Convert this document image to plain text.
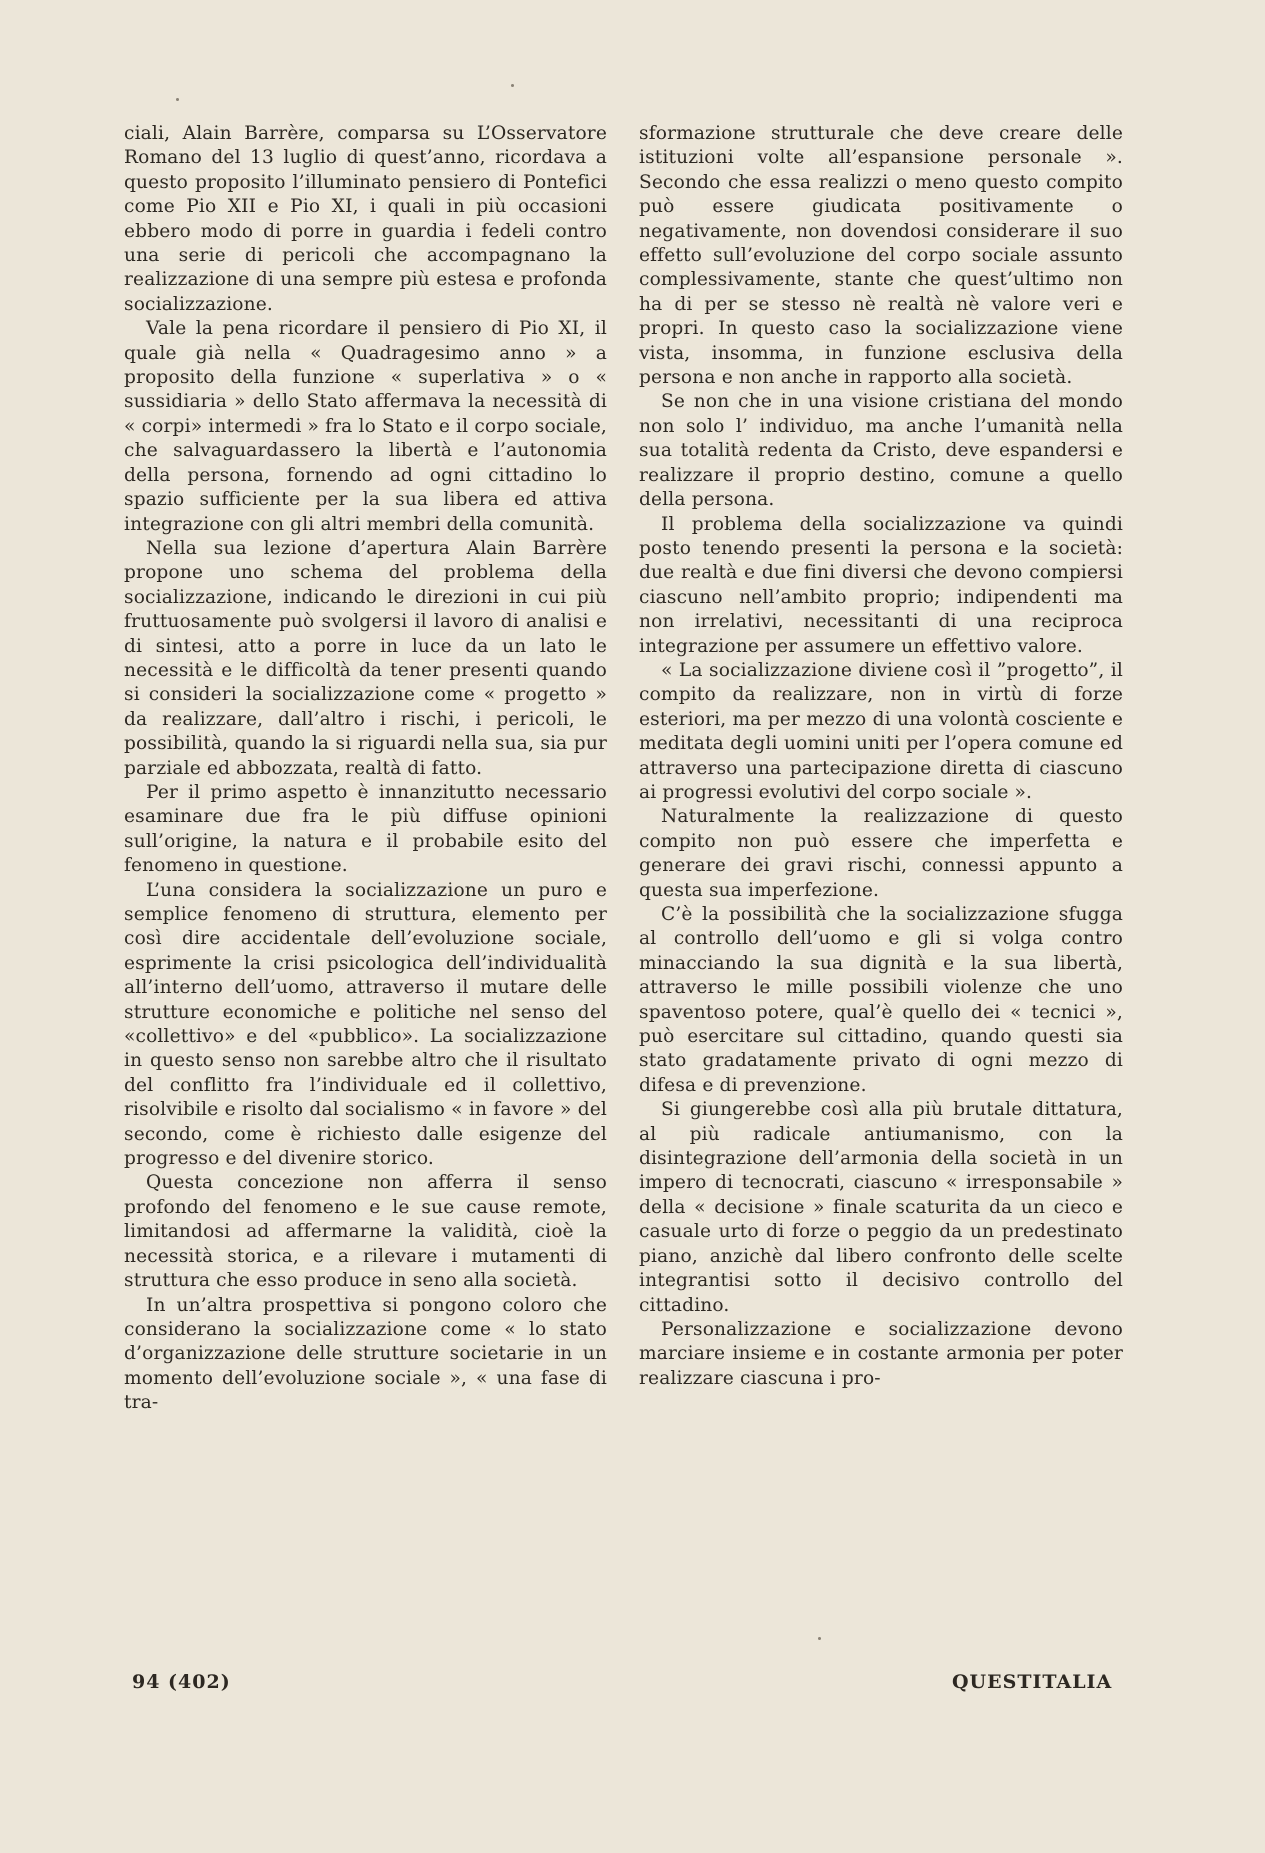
ciali, Alain Barrère, comparsa su L’Osservatore Romano del 13 luglio di quest’anno, ricordava a questo proposito l’illuminato pensiero di Pontefici come Pio XII e Pio XI, i quali in più occasioni ebbero modo di porre in guardia i fedeli contro una serie di pericoli che accompagnano la realizzazione di una sempre più estesa e profonda socializzazione.

Vale la pena ricordare il pensiero di Pio XI, il quale già nella « Quadragesimo anno » a proposito della funzione « superlativa » o « sussidiaria » dello Stato affermava la necessità di « corpi» intermedi » fra lo Stato e il corpo sociale, che salvaguardassero la libertà e l’autonomia della persona, fornendo ad ogni cittadino lo spazio sufficiente per la sua libera ed attiva integrazione con gli altri membri della comunità.

Nella sua lezione d’apertura Alain Barrère propone uno schema del problema della socializzazione, indicando le direzioni in cui più fruttuosamente può svolgersi il lavoro di analisi e di sintesi, atto a porre in luce da un lato le necessità e le difficoltà da tener presenti quando si consideri la socializzazione come « progetto » da realizzare, dall’altro i rischi, i pericoli, le possibilità, quando la si riguardi nella sua, sia pur parziale ed abbozzata, realtà di fatto.

Per il primo aspetto è innanzitutto necessario esaminare due fra le più diffuse opinioni sull’origine, la natura e il probabile esito del fenomeno in questione.

L’una considera la socializzazione un puro e semplice fenomeno di struttura, elemento per così dire accidentale dell’evoluzione sociale, esprimente la crisi psicologica dell’individualità all’interno dell’uomo, attraverso il mutare delle strutture economiche e politiche nel senso del «collettivo» e del «pubblico». La socializzazione in questo senso non sarebbe altro che il risultato del conflitto fra l’individuale ed il collettivo, risolvibile e risolto dal socialismo « in favore » del secondo, come è richiesto dalle esigenze del progresso e del divenire storico.

Questa concezione non afferra il senso profondo del fenomeno e le sue cause remote, limitandosi ad affermarne la validità, cioè la necessità storica, e a rilevare i mutamenti di struttura che esso produce in seno alla società.

In un’altra prospettiva si pongono coloro che considerano la socializzazione come « lo stato d’organizzazione delle strutture societarie in un momento dell’evoluzione sociale », « una fase di tra-

sformazione strutturale che deve creare delle istituzioni volte all’espansione personale ». Secondo che essa realizzi o meno questo compito può essere giudicata positivamente o negativamente, non dovendosi considerare il suo effetto sull’evoluzione del corpo sociale assunto complessivamente, stante che quest’ultimo non ha di per se stesso nè realtà nè valore veri e propri. In questo caso la socializzazione viene vista, insomma, in funzione esclusiva della persona e non anche in rapporto alla società.

Se non che in una visione cristiana del mondo non solo l’ individuo, ma anche l’umanità nella sua totalità redenta da Cristo, deve espandersi e realizzare il proprio destino, comune a quello della persona.

Il problema della socializzazione va quindi posto tenendo presenti la persona e la società: due realtà e due fini diversi che devono compiersi ciascuno nell’ambito proprio; indipendenti ma non irrelativi, necessitanti di una reciproca integrazione per assumere un effettivo valore.

« La socializzazione diviene così il ”progetto”, il compito da realizzare, non in virtù di forze esteriori, ma per mezzo di una volontà cosciente e meditata degli uomini uniti per l’opera comune ed attraverso una partecipazione diretta di ciascuno ai progressi evolutivi del corpo sociale ».

Naturalmente la realizzazione di questo compito non può essere che imperfetta e generare dei gravi rischi, connessi appunto a questa sua imperfezione.

C’è la possibilità che la socializzazione sfugga al controllo dell’uomo e gli si volga contro minacciando la sua dignità e la sua libertà, attraverso le mille possibili violenze che uno spaventoso potere, qual’è quello dei « tecnici », può esercitare sul cittadino, quando questi sia stato gradatamente privato di ogni mezzo di difesa e di prevenzione.

Si giungerebbe così alla più brutale dittatura, al più radicale antiumanismo, con la disintegrazione dell’armonia della società in un impero di tecnocrati, ciascuno « irresponsabile » della « decisione » finale scaturita da un cieco e casuale urto di forze o peggio da un predestinato piano, anzichè dal libero confronto delle scelte integrantisi sotto il decisivo controllo del cittadino.

Personalizzazione e socializzazione devono marciare insieme e in costante armonia per poter realizzare ciascuna i pro-

94 (402)	QUESTITALIA
